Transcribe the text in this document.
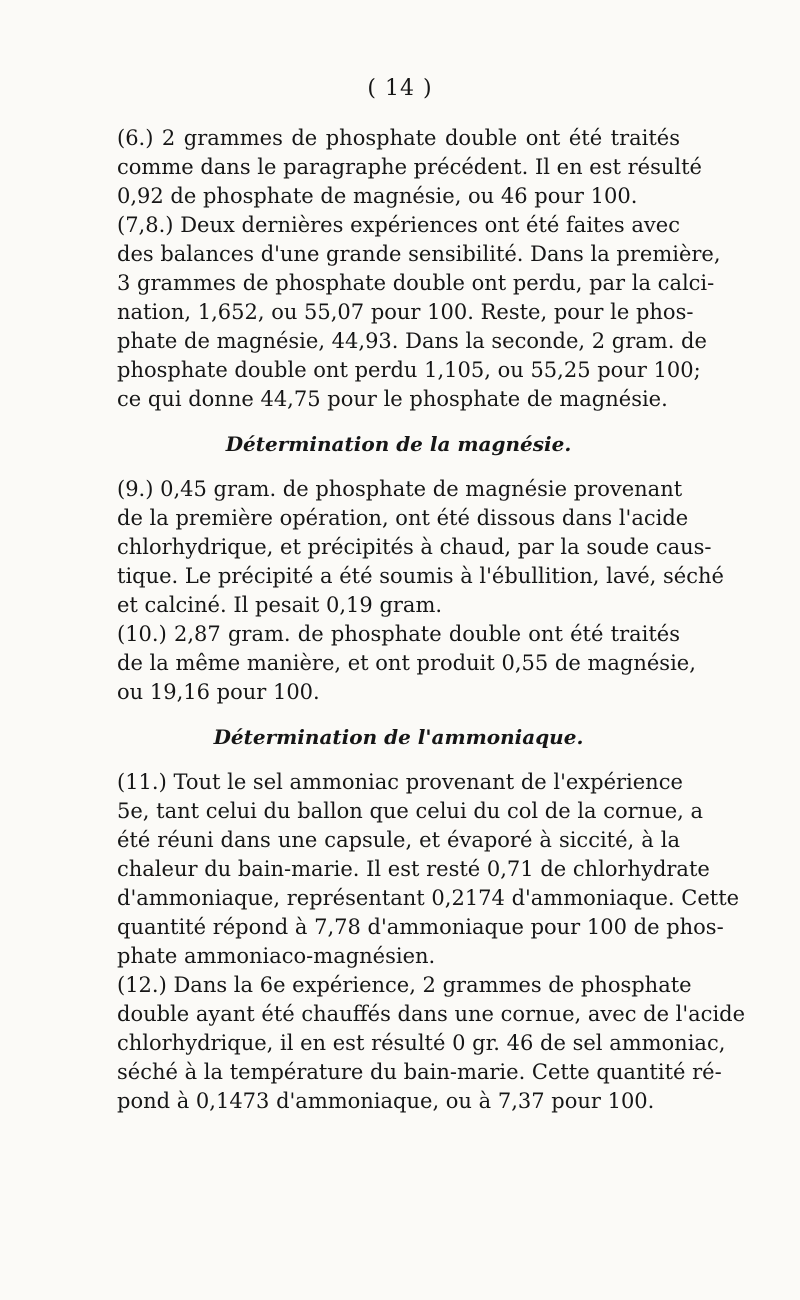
( 14 )
(6.) 2 grammes de phosphate double ont été traités
comme dans le paragraphe précédent. Il en est résulté
0,92 de phosphate de magnésie, ou 46 pour 100.
(7,8.) Deux dernières expériences ont été faites avec
des balances d'une grande sensibilité. Dans la première,
3 grammes de phosphate double ont perdu, par la calci-
nation, 1,652, ou 55,07 pour 100. Reste, pour le phos-
phate de magnésie, 44,93. Dans la seconde, 2 gram. de
phosphate double ont perdu 1,105, ou 55,25 pour 100;
ce qui donne 44,75 pour le phosphate de magnésie.
Détermination de la magnésie.
(9.) 0,45 gram. de phosphate de magnésie provenant
de la première opération, ont été dissous dans l'acide
chlorhydrique, et précipités à chaud, par la soude caus-
tique. Le précipité a été soumis à l'ébullition, lavé, séché
et calciné. Il pesait 0,19 gram.
(10.) 2,87 gram. de phosphate double ont été traités
de la même manière, et ont produit 0,55 de magnésie,
ou 19,16 pour 100.
Détermination de l'ammoniaque.
(11.) Tout le sel ammoniac provenant de l'expérience
5e, tant celui du ballon que celui du col de la cornue, a
été réuni dans une capsule, et évaporé à siccité, à la
chaleur du bain-marie. Il est resté 0,71 de chlorhydrate
d'ammoniaque, représentant 0,2174 d'ammoniaque. Cette
quantité répond à 7,78 d'ammoniaque pour 100 de phos-
phate ammoniaco-magnésien.
(12.) Dans la 6e expérience, 2 grammes de phosphate
double ayant été chauffés dans une cornue, avec de l'acide
chlorhydrique, il en est résulté 0 gr. 46 de sel ammoniac,
séché à la température du bain-marie. Cette quantité ré-
pond à 0,1473 d'ammoniaque, ou à 7,37 pour 100.
